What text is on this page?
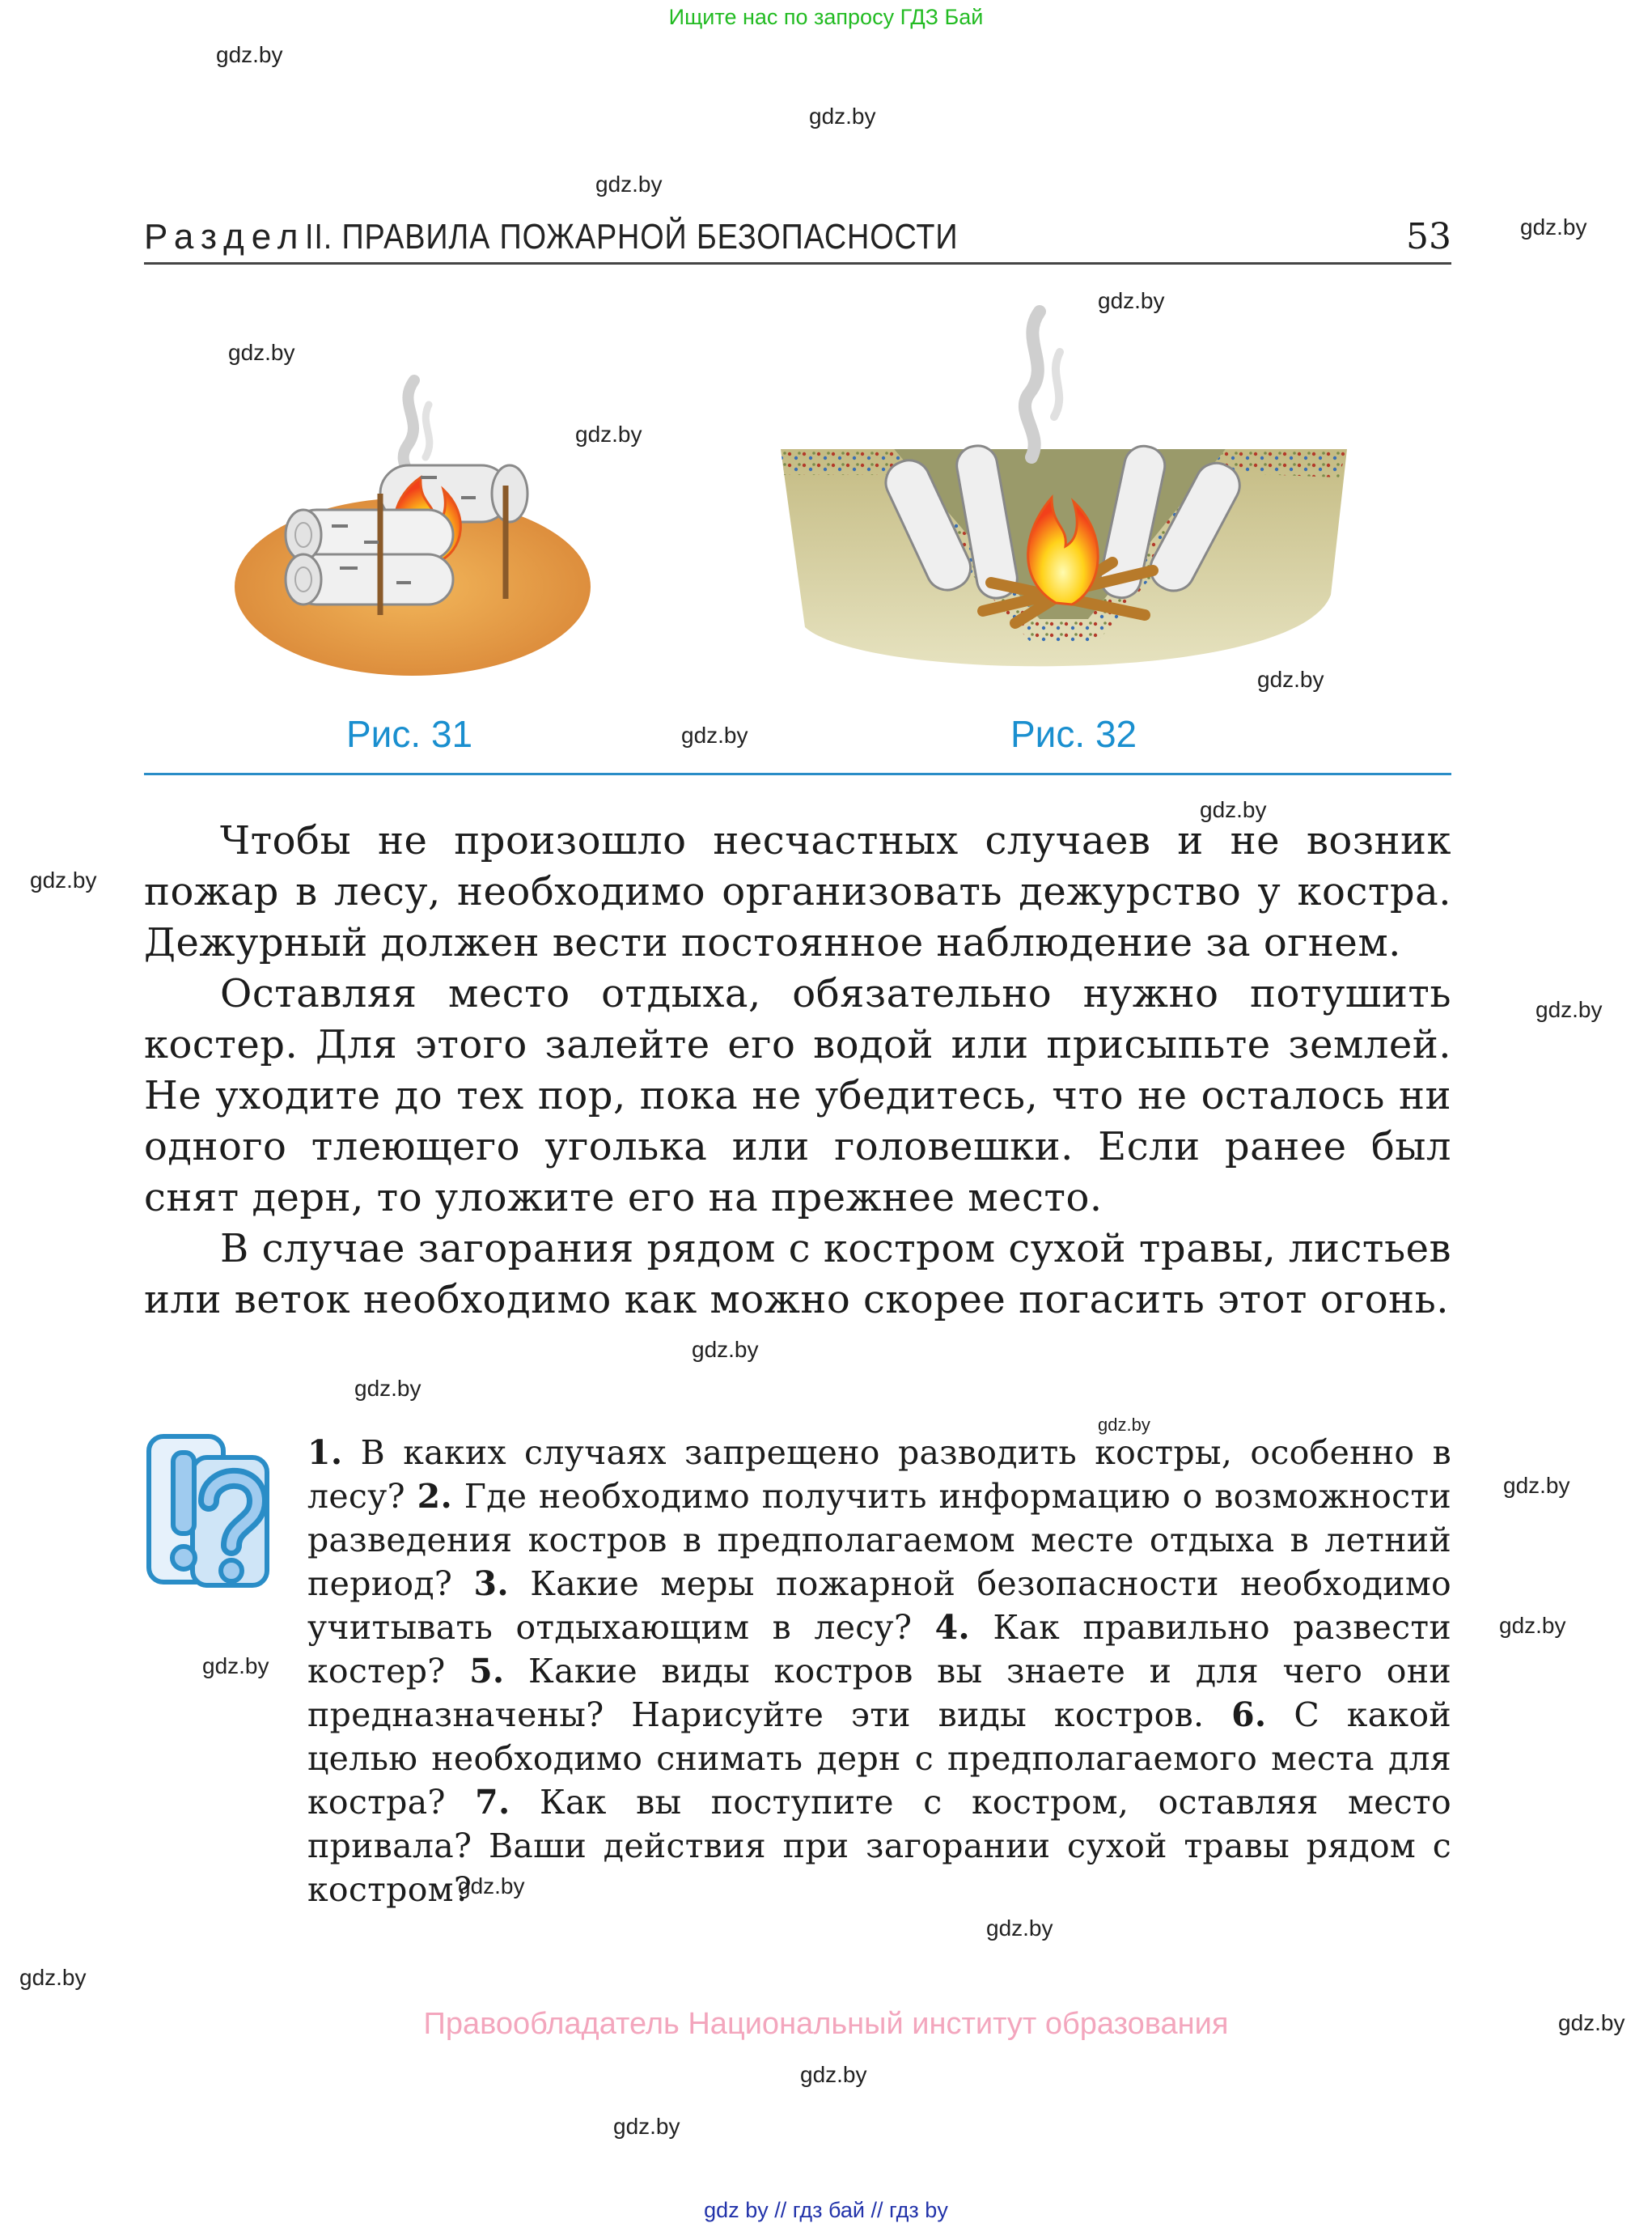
Ищите нас по запросу ГДЗ Бай
gdz.by
gdz.by
gdz.by
gdz.by
gdz.by
gdz.by
gdz.by
gdz.by
gdz.by
gdz.by
gdz.by
gdz.by
gdz.by
gdz.by
gdz.by
gdz.by
gdz.by
gdz.by
gdz.by
gdz.by
gdz.by
gdz.by
gdz.by
gdz.by
РазделII. ПРАВИЛА ПОЖАРНОЙ БЕЗОПАСНОСТИ	53
Рис. 31	Рис. 32

Чтобы не произошло несчастных случаев и не возник пожар в лесу, необходимо организовать дежурство у костра. Дежурный должен вести постоянное наблюдение за огнем.

Оставляя место отдыха, обязательно нужно потушить костер. Для этого залейте его водой или присыпьте землей. Не уходите до тех пор, пока не убедитесь, что не осталось ни одного тлеющего уголька или головешки. Если ранее был снят дерн, то уложите его на прежнее место.

В случае загорания рядом с костром сухой травы, листьев или веток необходимо как можно скорее погасить этот огонь.

1. В каких случаях запрещено разводить костры, особенно в лесу? 2. Где необходимо получить информацию о возможности разведения костров в предполагаемом месте отдыха в летний период? 3. Какие меры пожарной безопасности необходимо учитывать отдыхающим в лесу? 4. Как правильно развести костер? 5. Какие виды костров вы знаете и для чего они предназначены? Нарисуйте эти виды костров. 6. С какой целью необходимо снимать дерн с предполагаемого места для костра? 7. Как вы поступите с костром, оставляя место привала? Ваши действия при загорании сухой травы рядом с костром?
Правообладатель Национальный институт образования
gdz by // гдз бай // гдз by
